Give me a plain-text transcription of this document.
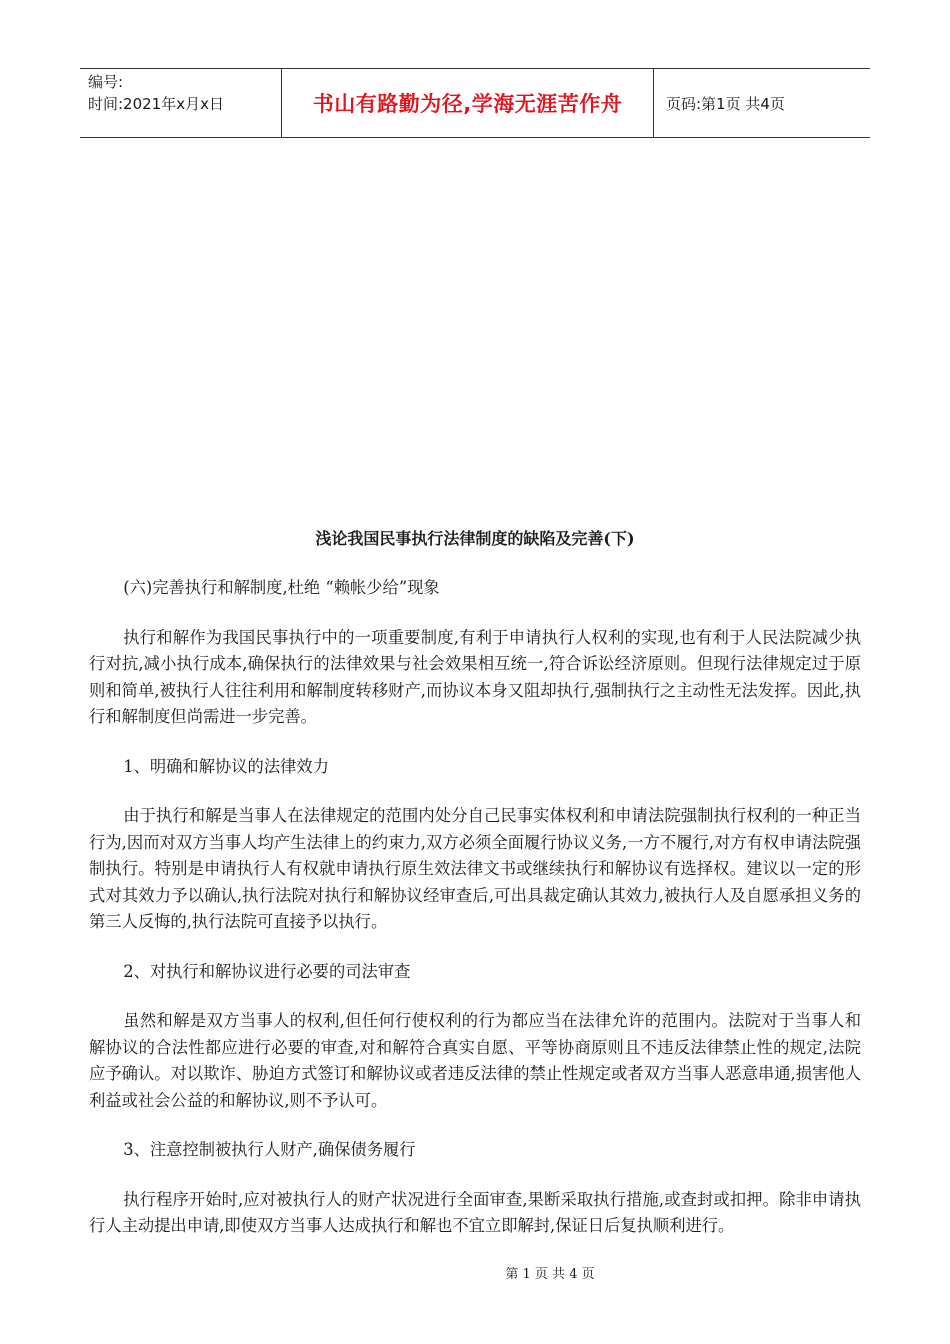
编号:
时间:2021年x月x日	书山有路勤为径,学海无涯苦作舟	页码:第1页 共4页
浅论我国民事执行法律制度的缺陷及完善(下)

(六)完善执行和解制度,杜绝 “赖帐少给”现象

执行和解作为我国民事执行中的一项重要制度,有利于申请执行人权利的实现,也有利于人民法院减少执行对抗,减小执行成本,确保执行的法律效果与社会效果相互统一,符合诉讼经济原则。但现行法律规定过于原则和简单,被执行人往往利用和解制度转移财产,而协议本身又阻却执行,强制执行之主动性无法发挥。因此,执行和解制度但尚需进一步完善。

1、明确和解协议的法律效力

由于执行和解是当事人在法律规定的范围内处分自己民事实体权利和申请法院强制执行权利的一种正当行为,因而对双方当事人均产生法律上的约束力,双方必须全面履行协议义务,一方不履行,对方有权申请法院强制执行。特别是申请执行人有权就申请执行原生效法律文书或继续执行和解协议有选择权。建议以一定的形式对其效力予以确认,执行法院对执行和解协议经审查后,可出具裁定确认其效力,被执行人及自愿承担义务的第三人反悔的,执行法院可直接予以执行。

2、对执行和解协议进行必要的司法审查

虽然和解是双方当事人的权利,但任何行使权利的行为都应当在法律允许的范围内。法院对于当事人和解协议的合法性都应进行必要的审查,对和解符合真实自愿、平等协商原则且不违反法律禁止性的规定,法院应予确认。对以欺诈、胁迫方式签订和解协议或者违反法律的禁止性规定或者双方当事人恶意串通,损害他人利益或社会公益的和解协议,则不予认可。

3、注意控制被执行人财产,确保债务履行

执行程序开始时,应对被执行人的财产状况进行全面审查,果断采取执行措施,或查封或扣押。除非申请执行人主动提出申请,即使双方当事人达成执行和解也不宜立即解封,保证日后复执顺利进行。

第 1 页 共 4 页
